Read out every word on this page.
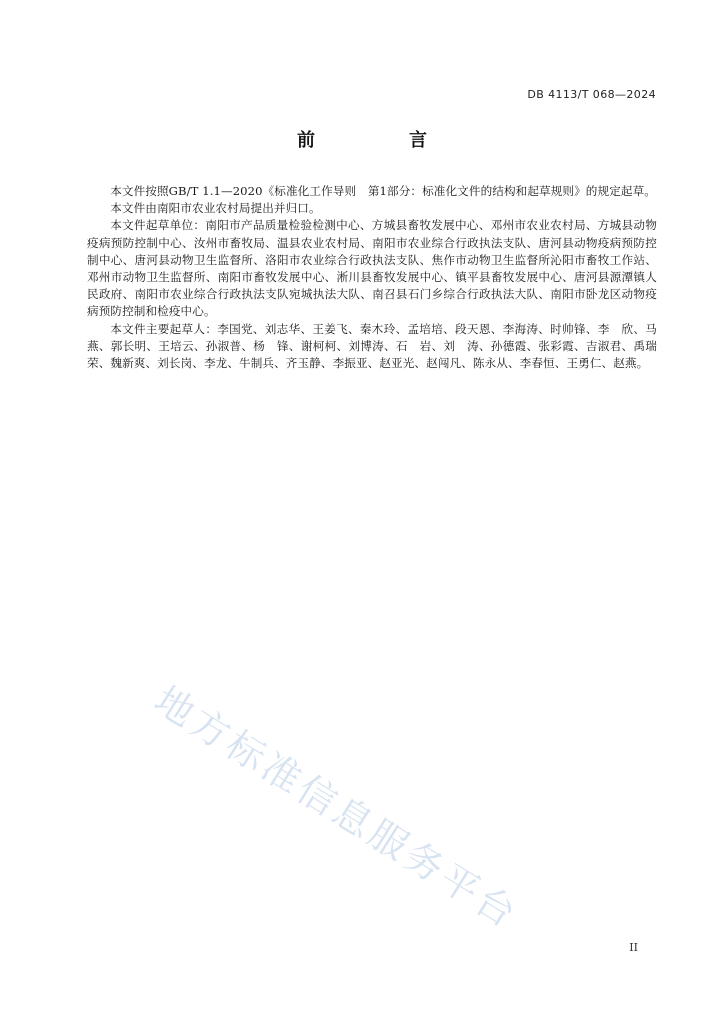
DB 4113/T 068—2024
前　言

本文件按照GB/T 1.1—2020《标准化工作导则　第1部分：标准化文件的结构和起草规则》的规定起草。

本文件由南阳市农业农村局提出并归口。

本文件起草单位：南阳市产品质量检验检测中心、方城县畜牧发展中心、邓州市农业农村局、方城县动物疫病预防控制中心、汝州市畜牧局、温县农业农村局、南阳市农业综合行政执法支队、唐河县动物疫病预防控制中心、唐河县动物卫生监督所、洛阳市农业综合行政执法支队、焦作市动物卫生监督所沁阳市畜牧工作站、邓州市动物卫生监督所、南阳市畜牧发展中心、淅川县畜牧发展中心、镇平县畜牧发展中心、唐河县源潭镇人民政府、南阳市农业综合行政执法支队宛城执法大队、南召县石门乡综合行政执法大队、南阳市卧龙区动物疫病预防控制和检疫中心。

本文件主要起草人：李国党、刘志华、王姜飞、秦木玲、孟培培、段天恩、李海涛、时帅锋、李　欣、马　燕、郭长明、王培云、孙淑普、杨　锋、谢柯柯、刘博涛、石　岩、刘　涛、孙德霞、张彩霞、吉淑君、禹瑞荣、魏新爽、刘长岗、李龙、牛制兵、齐玉静、李振亚、赵亚光、赵闯凡、陈永从、李春恒、王勇仁、赵燕。

地方标准信息服务平台
II
